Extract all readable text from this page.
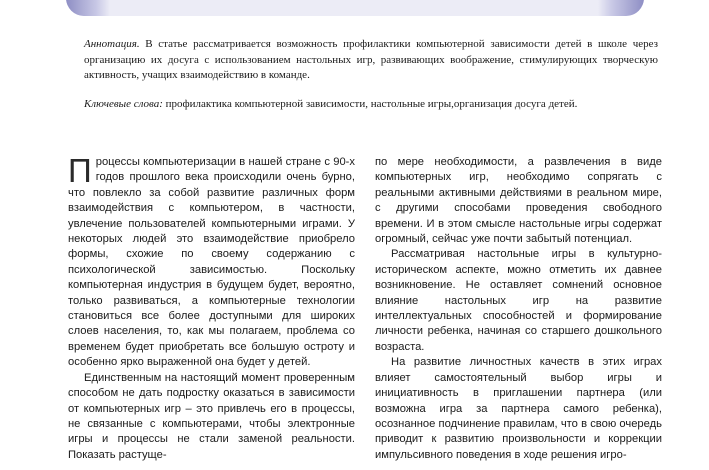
Аннотация. В статье рассматривается возможность профилактики компьютерной зависимости детей в школе через организацию их досуга с использованием настольных игр, развивающих воображение, стимулирующих творческую активность, учащих взаимодействию в команде.

Ключевые слова: профилактика компьютерной зависимости, настольные игры,организация досуга детей.

Процессы компьютеризации в нашей стране с 90-х годов прошлого века происходили очень бурно, что повлекло за собой развитие различных форм взаимодействия с компьютером, в частности, увлечение пользователей компьютерными играми. У некоторых людей это взаимодействие приобрело формы, схожие по своему содержанию с психологической зависимостью. Поскольку компьютерная индустрия в будущем будет, вероятно, только развиваться, а компьютерные технологии становиться все более доступными для широких слоев населения, то, как мы полагаем, проблема со временем будет приобретать все большую остроту и особенно ярко выраженной она будет у детей.

Единственным на настоящий момент проверенным способом не дать подростку оказаться в зависимости от компьютерных игр – это привлечь его в процессы, не связанные с компьютерами, чтобы электронные игры и процессы не стали заменой реальности. Показать растуще-

по мере необходимости, а развлечения в виде компьютерных игр, необходимо сопрягать с реальными активными действиями в реальном мире, с другими способами проведения свободного времени. И в этом смысле настольные игры содержат огромный, сейчас уже почти забытый потенциал.

Рассматривая настольные игры в культурно-историческом аспекте, можно отметить их давнее возникновение. Не оставляет сомнений основное влияние настольных игр на развитие интеллектуальных способностей и формирование личности ребенка, начиная со старшего дошкольного возраста.

На развитие личностных качеств в этих играх влияет самостоятельный выбор игры и инициативность в приглашении партнера (или возможна игра за партнера самого ребенка), осознанное подчинение правилам, что в свою очередь приводит к развитию произвольности и коррекции импульсивного поведения в ходе решения игро-
